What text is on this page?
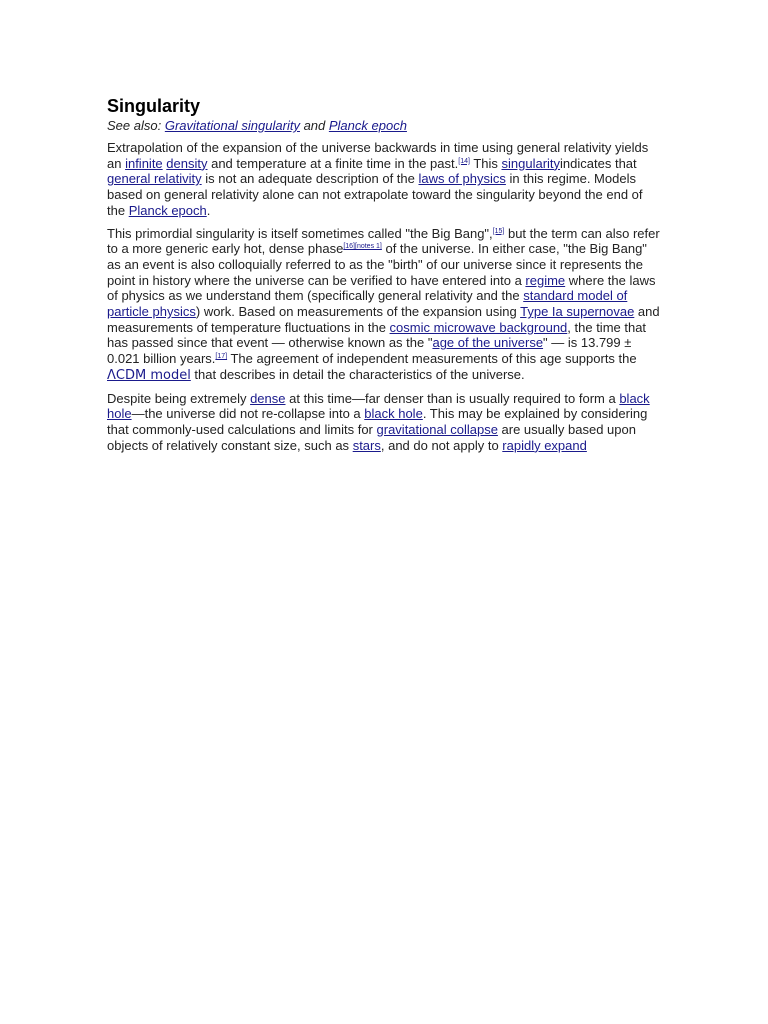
Singularity
See also: Gravitational singularity and Planck epoch

Extrapolation of the expansion of the universe backwards in time using general relativity yields an infinite density and temperature at a finite time in the past.[14] This singularityindicates that general relativity is not an adequate description of the laws of physics in this regime. Models based on general relativity alone can not extrapolate toward the singularity beyond the end of the Planck epoch.

This primordial singularity is itself sometimes called "the Big Bang",[15] but the term can also refer to a more generic early hot, dense phase[16][notes 1] of the universe. In either case, "the Big Bang" as an event is also colloquially referred to as the "birth" of our universe since it represents the point in history where the universe can be verified to have entered into a regime where the laws of physics as we understand them (specifically general relativity and the standard model of particle physics) work. Based on measurements of the expansion using Type Ia supernovae and measurements of temperature fluctuations in the cosmic microwave background, the time that has passed since that event — otherwise known as the "age of the universe" — is 13.799 ± 0.021 billion years.[17] The agreement of independent measurements of this age supports the ΛCDM model that describes in detail the characteristics of the universe.

Despite being extremely dense at this time—far denser than is usually required to form a black hole—the universe did not re-collapse into a black hole. This may be explained by considering that commonly-used calculations and limits for gravitational collapse are usually based upon objects of relatively constant size, such as stars, and do not apply to rapidly expand
